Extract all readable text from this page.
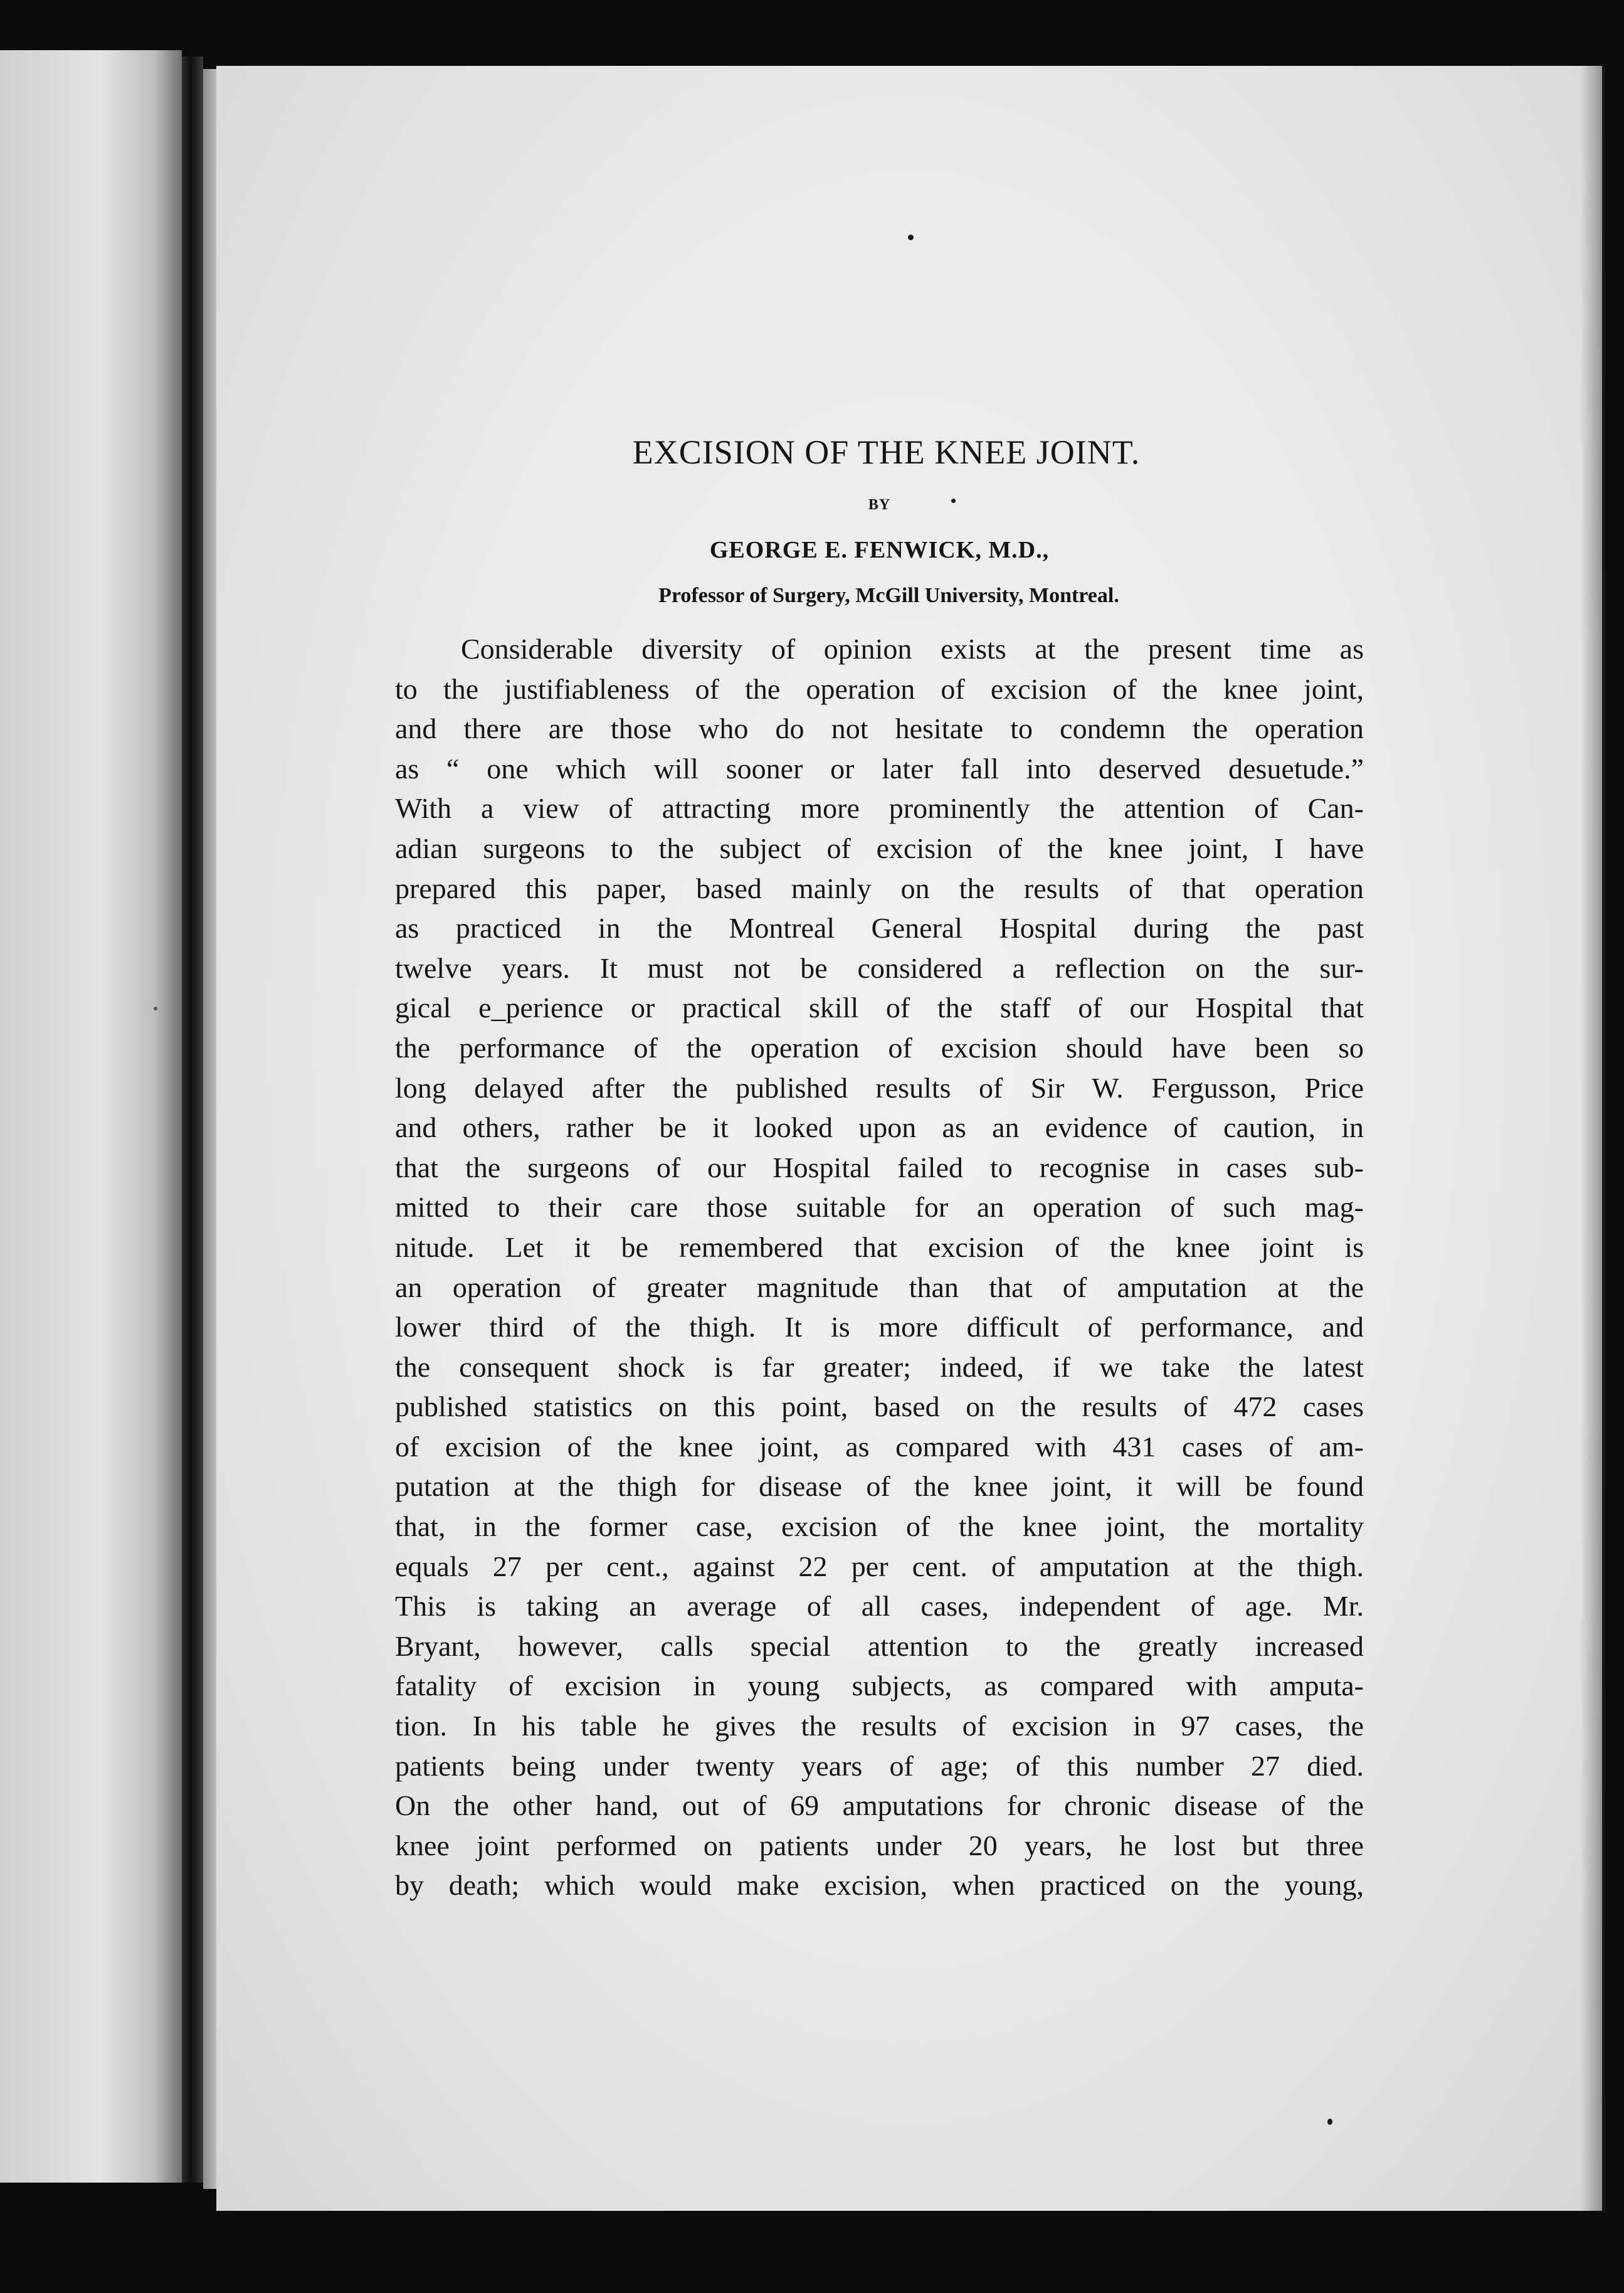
EXCISION OF THE KNEE JOINT.
BY
GEORGE E. FENWICK, M.D.,
Professor of Surgery, McGill University, Montreal.
Considerable diversity of opinion exists at the present time as
to the justifiableness of the operation of excision of the knee joint,
and there are those who do not hesitate to condemn the operation
as “ one which will sooner or later fall into deserved desuetude.”
With a view of attracting more prominently the attention of Can-
adian surgeons to the subject of excision of the knee joint, I have
prepared this paper, based mainly on the results of that operation
as practiced in the Montreal General Hospital during the past
twelve years. It must not be considered a reflection on the sur-
gical e_perience or practical skill of the staff of our Hospital that
the performance of the operation of excision should have been so
long delayed after the published results of Sir W. Fergusson, Price
and others, rather be it looked upon as an evidence of caution, in
that the surgeons of our Hospital failed to recognise in cases sub-
mitted to their care those suitable for an operation of such mag-
nitude. Let it be remembered that excision of the knee joint is
an operation of greater magnitude than that of amputation at the
lower third of the thigh. It is more difficult of performance, and
the consequent shock is far greater; indeed, if we take the latest
published statistics on this point, based on the results of 472 cases
of excision of the knee joint, as compared with 431 cases of am-
putation at the thigh for disease of the knee joint, it will be found
that, in the former case, excision of the knee joint, the mortality
equals 27 per cent., against 22 per cent. of amputation at the thigh.
This is taking an average of all cases, independent of age. Mr.
Bryant, however, calls special attention to the greatly increased
fatality of excision in young subjects, as compared with amputa-
tion. In his table he gives the results of excision in 97 cases, the
patients being under twenty years of age; of this number 27 died.
On the other hand, out of 69 amputations for chronic disease of the
knee joint performed on patients under 20 years, he lost but three
by death; which would make excision, when practiced on the young,
